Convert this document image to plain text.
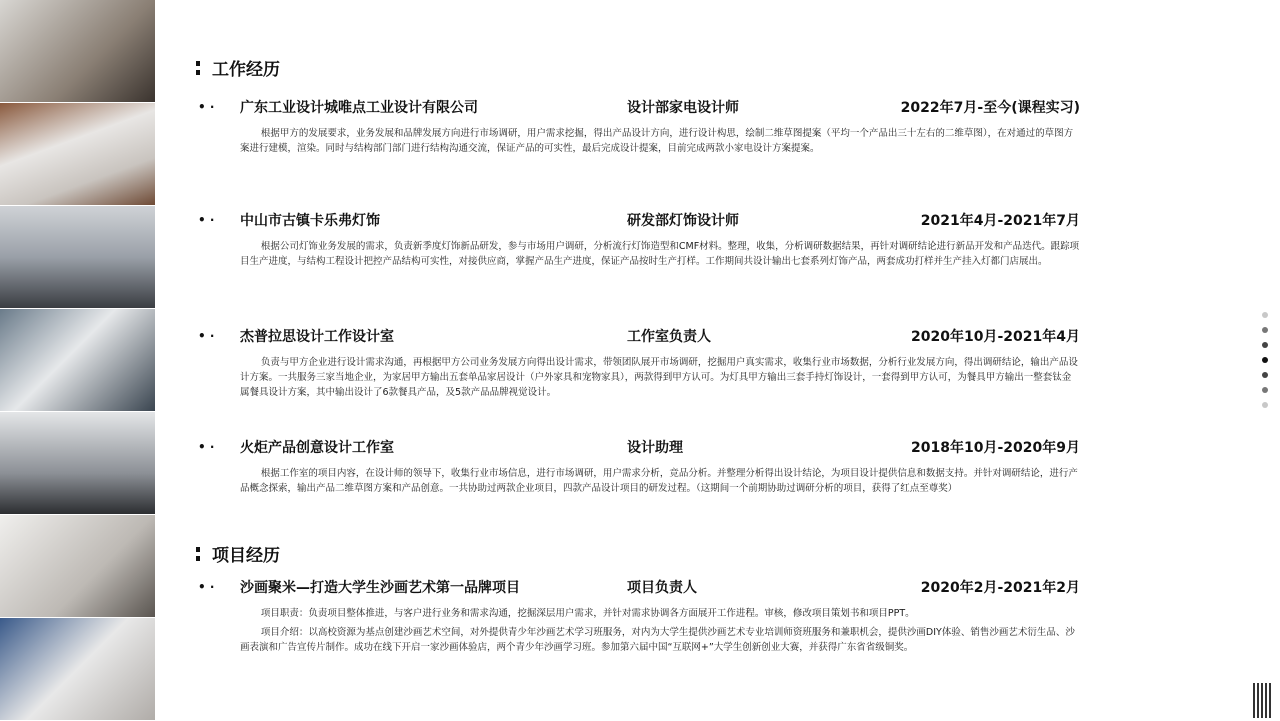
工作经历
• ·	广东工业设计城唯点工业设计有限公司	设计部家电设计师	2022年7月-至今(课程实习)
根据甲方的发展要求，业务发展和品牌发展方向进行市场调研，用户需求挖掘，得出产品设计方向，进行设计构思，绘制二维草图提案（平均一个产品出三十左右的二维草图），在对通过的草图方案进行建模，渲染。同时与结构部门部门进行结构沟通交流，保证产品的可实性，最后完成设计提案，目前完成两款小家电设计方案提案。
• ·	中山市古镇卡乐弗灯饰	研发部灯饰设计师	2021年4月-2021年7月
根据公司灯饰业务发展的需求，负责新季度灯饰新品研发，参与市场用户调研，分析流行灯饰造型和CMF材料。整理，收集，分析调研数据结果，再针对调研结论进行新品开发和产品迭代。跟踪项目生产进度，与结构工程设计把控产品结构可实性，对接供应商，掌握产品生产进度，保证产品按时生产打样。工作期间共设计输出七套系列灯饰产品，两套成功打样并生产挂入灯都门店展出。
• ·	杰普拉思设计工作设计室	工作室负责人	2020年10月-2021年4月
负责与甲方企业进行设计需求沟通，再根据甲方公司业务发展方向得出设计需求，带领团队展开市场调研，挖掘用户真实需求，收集行业市场数据，分析行业发展方向，得出调研结论，输出产品设计方案。一共服务三家当地企业，为家居甲方输出五套单品家居设计（户外家具和宠物家具），两款得到甲方认可。为灯具甲方输出三套手持灯饰设计，一套得到甲方认可，为餐具甲方输出一整套钛金属餐具设计方案，其中输出设计了6款餐具产品，及5款产品品牌视觉设计。
• ·	火炬产品创意设计工作室	设计助理	2018年10月-2020年9月
根据工作室的项目内容，在设计师的领导下，收集行业市场信息，进行市场调研，用户需求分析，竞品分析。并整理分析得出设计结论，为项目设计提供信息和数据支持。并针对调研结论，进行产品概念探索，输出产品二维草图方案和产品创意。一共协助过两款企业项目，四款产品设计项目的研发过程。（这期间一个前期协助过调研分析的项目，获得了红点至尊奖）
项目经历
• ·	沙画聚米—打造大学生沙画艺术第一品牌项目	项目负责人	2020年2月-2021年2月

项目职责：负责项目整体推进，与客户进行业务和需求沟通，挖掘深层用户需求，并针对需求协调各方面展开工作进程。审核，修改项目策划书和项目PPT。

项目介绍：以高校资源为基点创建沙画艺术空间，对外提供青少年沙画艺术学习班服务，对内为大学生提供沙画艺术专业培训师资班服务和兼职机会，提供沙画DIY体验、销售沙画艺术衍生品、沙画表演和广告宣传片制作。成功在线下开启一家沙画体验店，两个青少年沙画学习班。参加第六届中国“互联网+”大学生创新创业大赛，并获得广东省省级铜奖。
